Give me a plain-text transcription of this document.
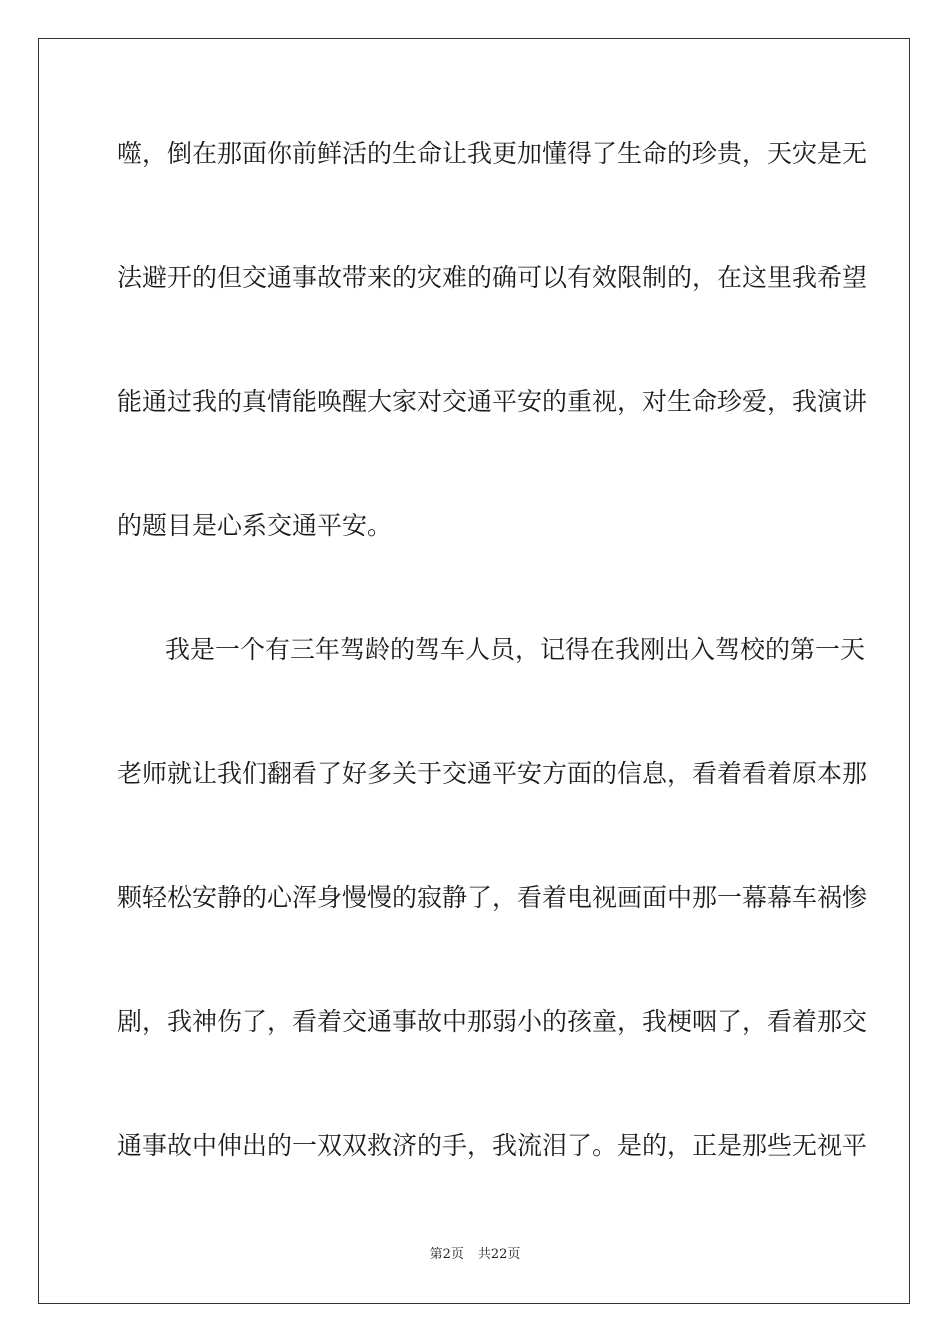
噬，倒在那面你前鲜活的生命让我更加懂得了生命的珍贵，天灾是无
法避开的但交通事故带来的灾难的确可以有效限制的，在这里我希望
能通过我的真情能唤醒大家对交通平安的重视，对生命珍爱，我演讲
的题目是心系交通平安。
我是一个有三年驾龄的驾车人员，记得在我刚出入驾校的第一天
老师就让我们翻看了好多关于交通平安方面的信息，看着看着原本那
颗轻松安静的心浑身慢慢的寂静了，看着电视画面中那一幕幕车祸惨
剧，我神伤了，看着交通事故中那弱小的孩童，我梗咽了，看着那交
通事故中伸出的一双双救济的手，我流泪了。是的，正是那些无视平
第2页 共22页
